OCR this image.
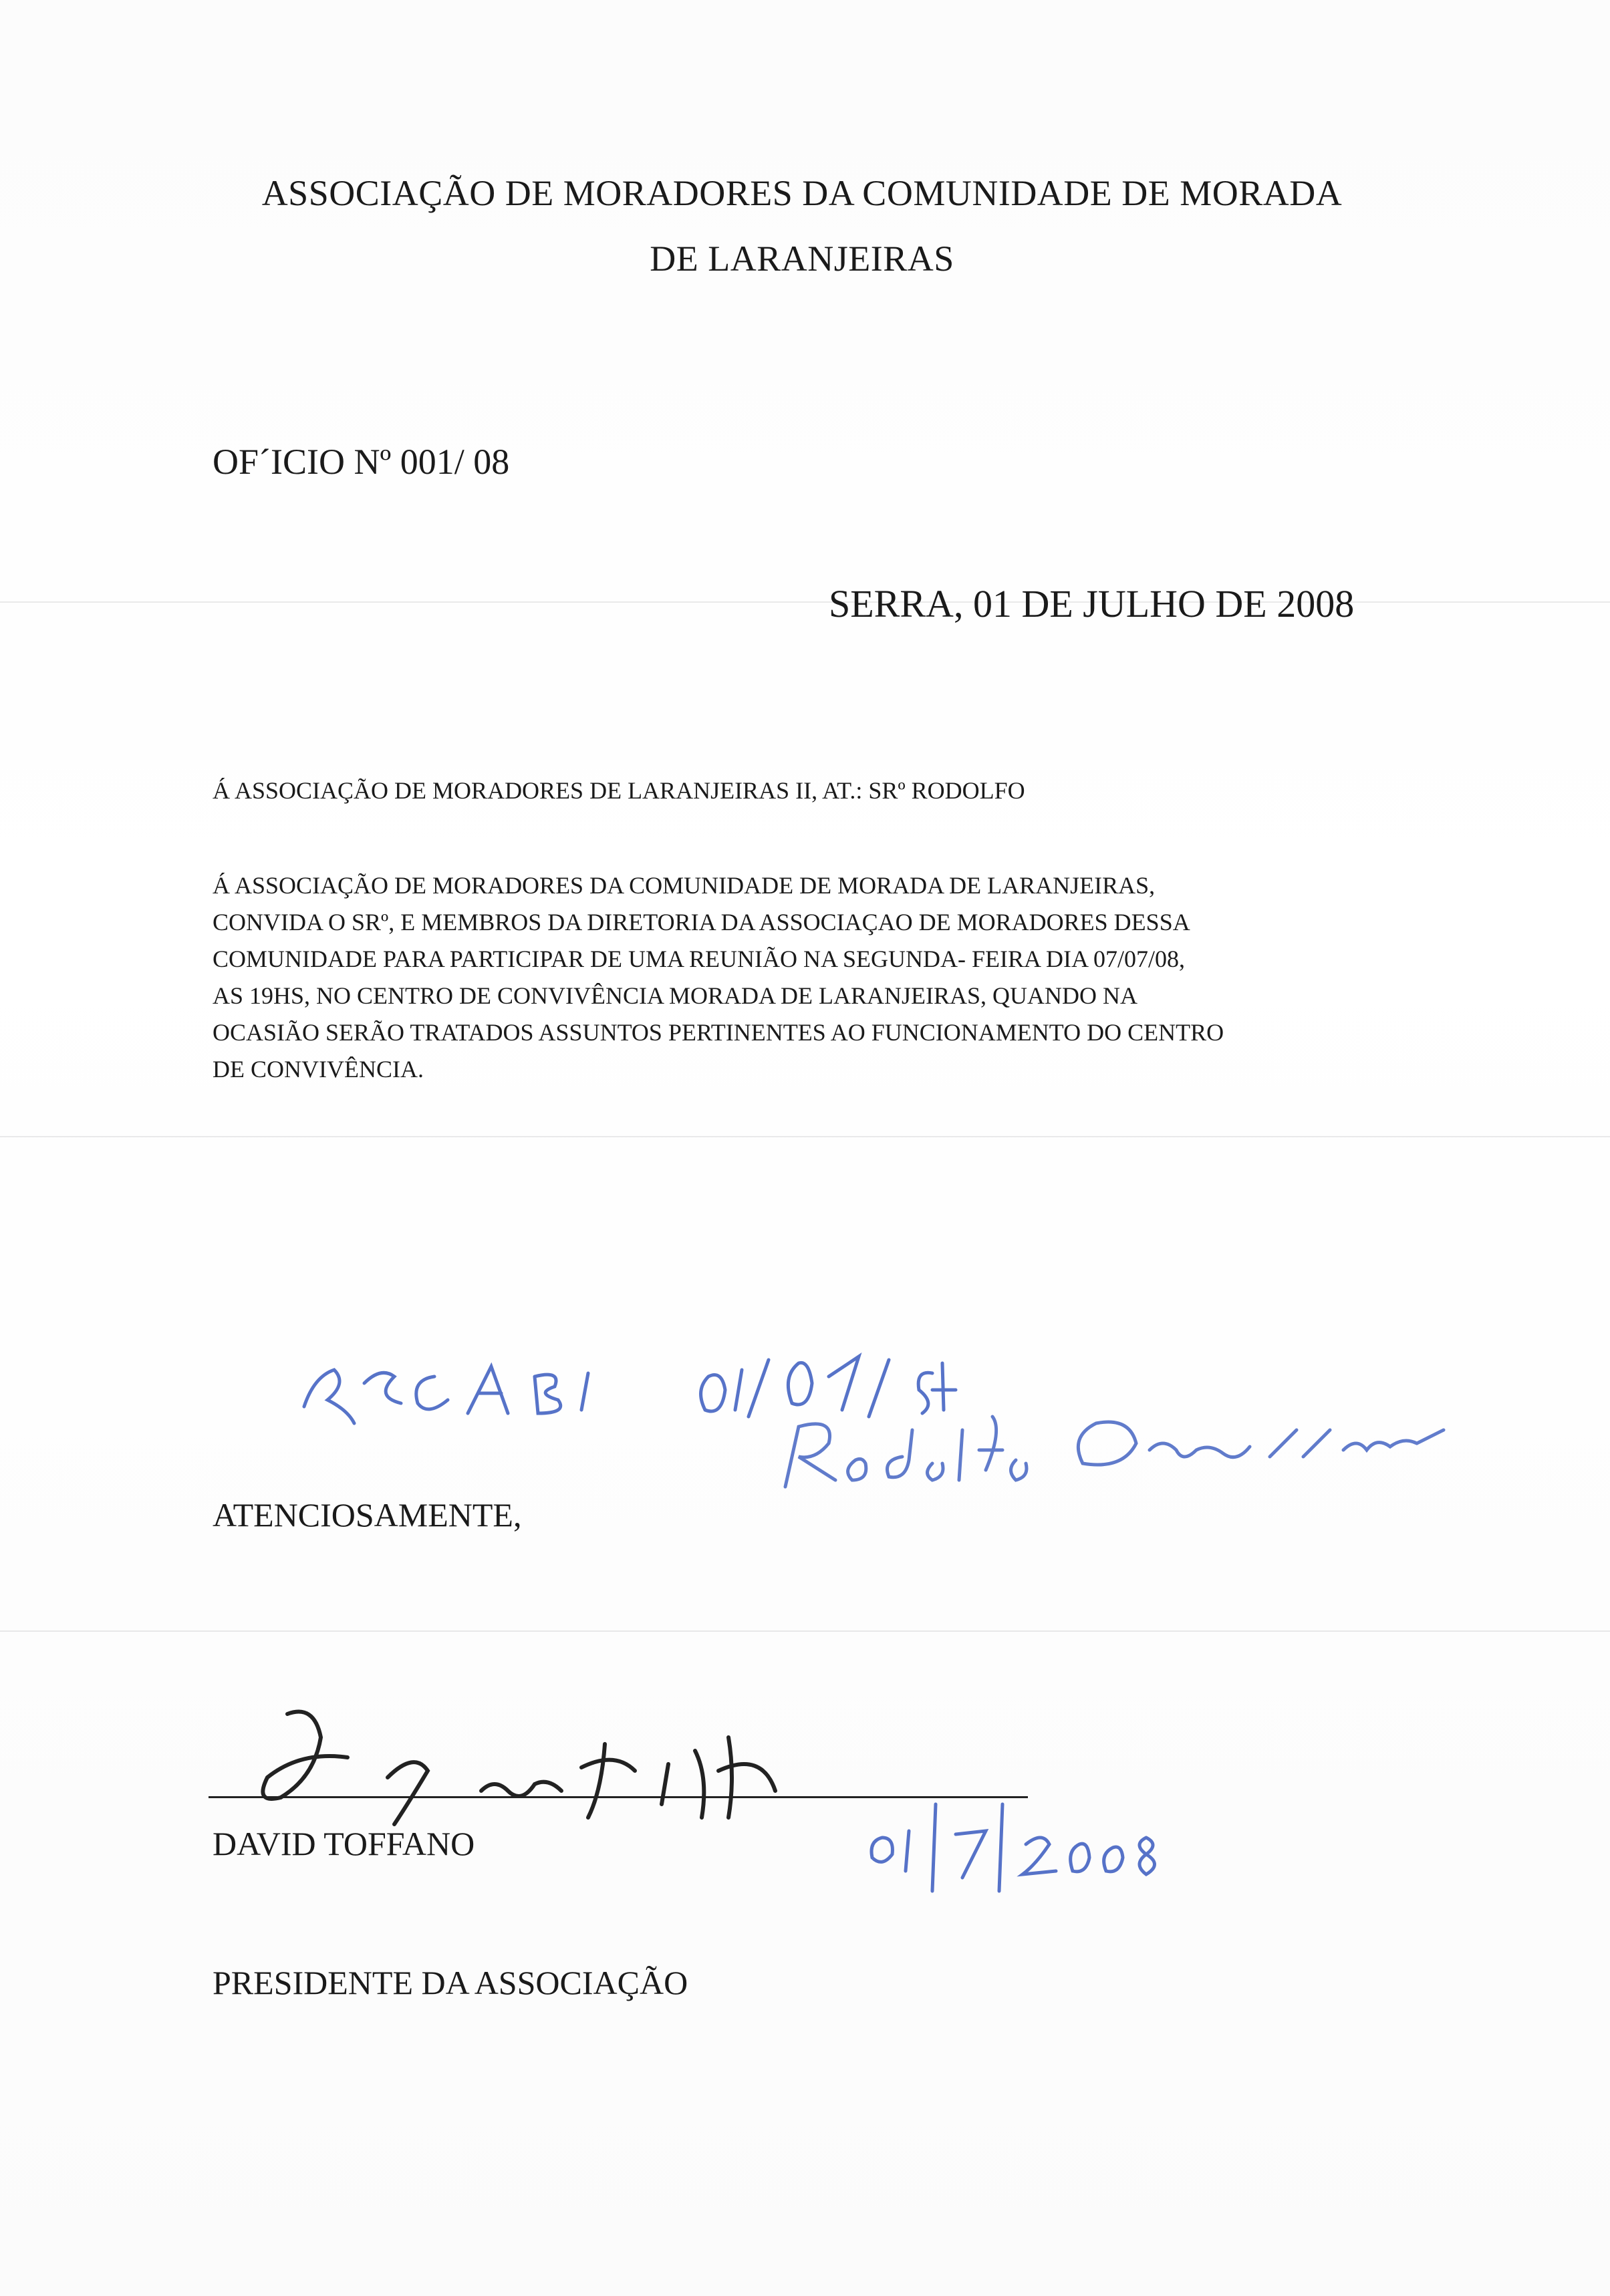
ASSOCIAÇÃO DE MORADORES DA COMUNIDADE DE MORADA
DE LARANJEIRAS
OF´ICIO Nº 001/ 08
SERRA, 01 DE JULHO DE 2008
Á ASSOCIAÇÃO DE MORADORES DE LARANJEIRAS II, AT.: SRº RODOLFO
Á ASSOCIAÇÃO DE MORADORES DA COMUNIDADE DE MORADA DE LARANJEIRAS,
CONVIDA O SRº, E MEMBROS DA DIRETORIA DA ASSOCIAÇAO DE MORADORES DESSA
COMUNIDADE PARA PARTICIPAR DE UMA REUNIÃO NA SEGUNDA- FEIRA DIA 07/07/08,
AS 19HS, NO CENTRO DE CONVIVÊNCIA MORADA DE LARANJEIRAS, QUANDO NA
OCASIÃO SERÃO TRATADOS ASSUNTOS PERTINENTES AO FUNCIONAMENTO DO CENTRO
DE CONVIVÊNCIA.
ATENCIOSAMENTE,
DAVID TOFFANO
PRESIDENTE DA ASSOCIAÇÃO
